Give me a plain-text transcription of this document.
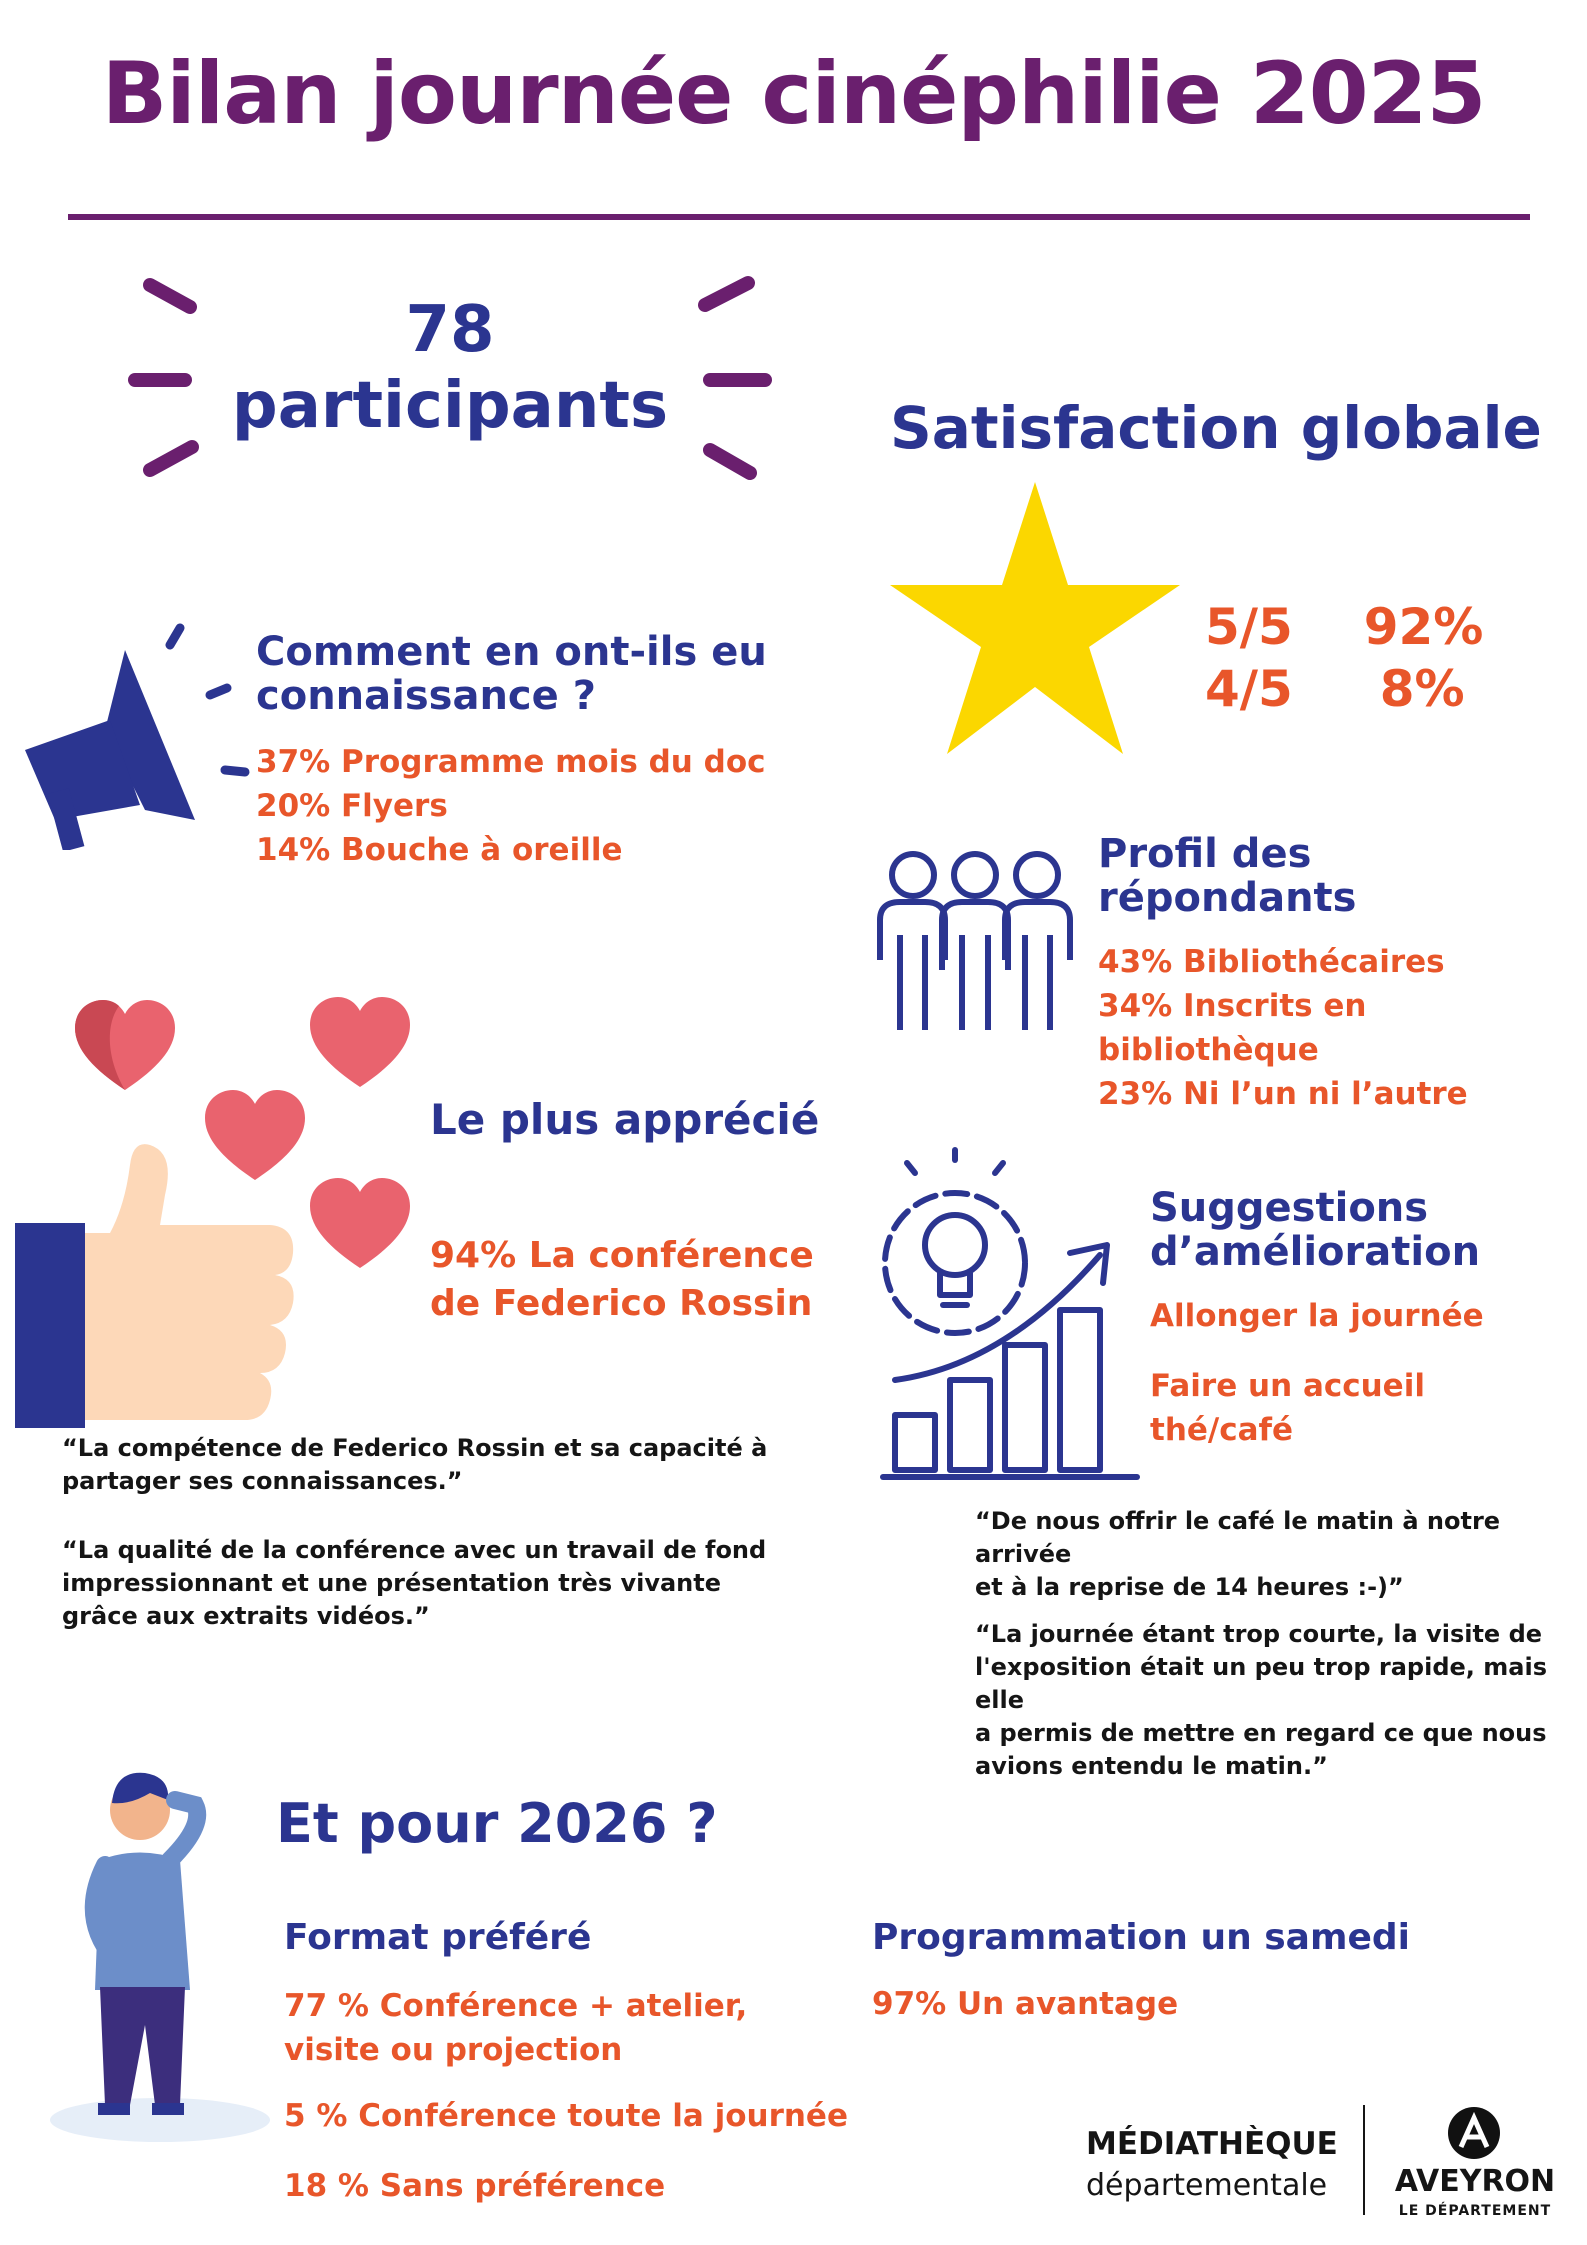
Bilan journée cinéphilie 2025
78
participants	Satisfaction globale
5/5 92%
4/5 8%
Comment en ont-ils eu
connaissance ?
37% Programme mois du doc
20% Flyers
14% Bouche à oreille	Profil des
répondants
43% Bibliothécaires
34% Inscrits en
bibliothèque
23% Ni l’un ni l’autre
Le plus apprécié
94% La conférence
de Federico Rossin
“La compétence de Federico Rossin et sa capacité à
partager ses connaissances.”
“La qualité de la conférence avec un travail de fond
impressionnant et une présentation très vivante
grâce aux extraits vidéos.”
Suggestions
d’amélioration
Allonger la journée
Faire un accueil
thé/café
“De nous offrir le café le matin à notre arrivée
et à la reprise de 14 heures :-)”
“La journée étant trop courte, la visite de
l'exposition était un peu trop rapide, mais elle
a permis de mettre en regard ce que nous
avions entendu le matin.”
Et pour 2026 ?
Format préféré
77 % Conférence + atelier,
visite ou projection
5 % Conférence toute la journée
18 % Sans préférence
Programmation un samedi
97% Un avantage
MÉDIATHÈQUE
départementale	AVEYRON
LE DÉPARTEMENT
